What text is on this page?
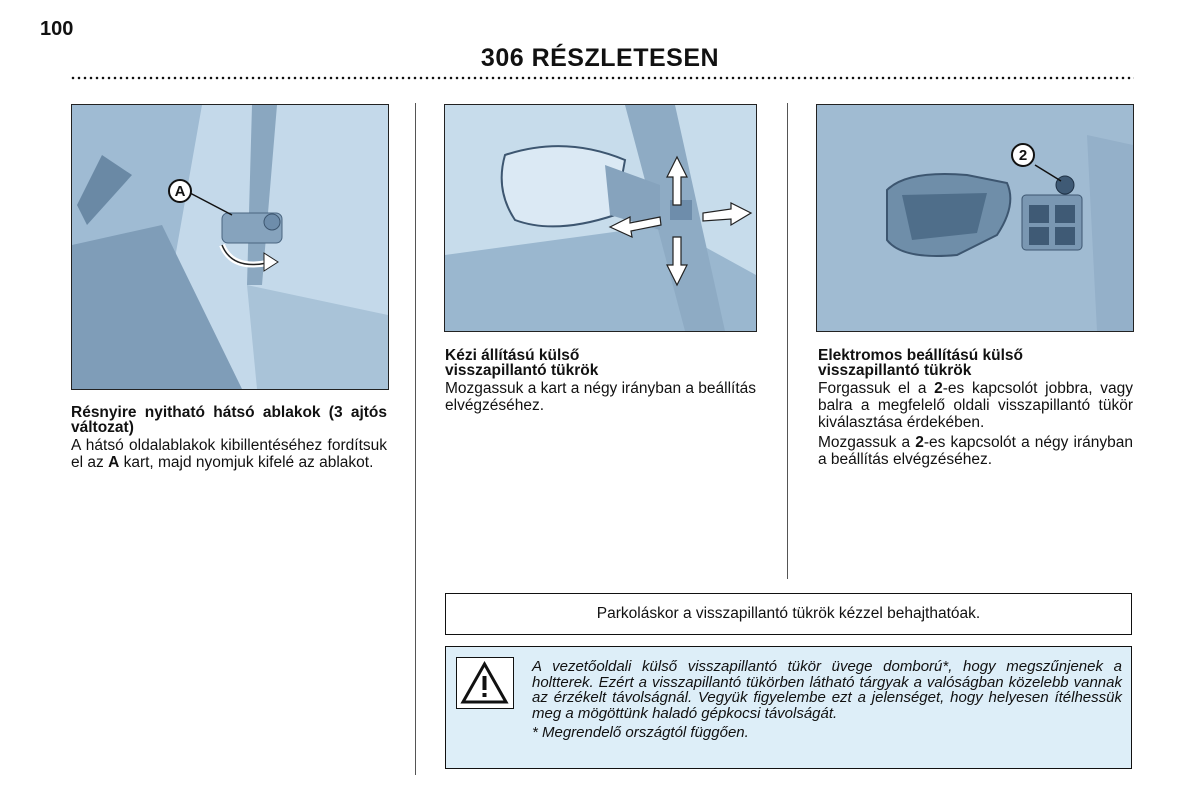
100
306 RÉSZLETESEN
A
2
Résnyire nyitható hátsó ablakok (3 ajtós változat)

A hátsó oldalablakok kibillentéséhez fordítsuk el az A kart, majd nyomjuk kifelé az ablakot.

Kézi állítású külső visszapillantó tükrök

Mozgassuk a kart a négy irányban a beállítás elvégzéséhez.

Elektromos beállítású külső visszapillantó tükrök

Forgassuk el a 2-es kapcsolót jobbra, vagy balra a megfelelő oldali visszapillantó tükör kiválasztása érdekében.

Mozgassuk a 2-es kapcsolót a négy irányban a beállítás elvégzéséhez.

Parkoláskor a visszapillantó tükrök kézzel behajthatóak.

A vezetőoldali külső visszapillantó tükör üvege domború*, hogy megszűnjenek a holtterek. Ezért a visszapillantó tükörben látható tárgyak a valóságban közelebb vannak az érzékelt távolságnál. Vegyük figyelembe ezt a jelenséget, hogy helyesen ítélhessük meg a mögöttünk haladó gépkocsi távolságát.

* Megrendelő országtól függően.
